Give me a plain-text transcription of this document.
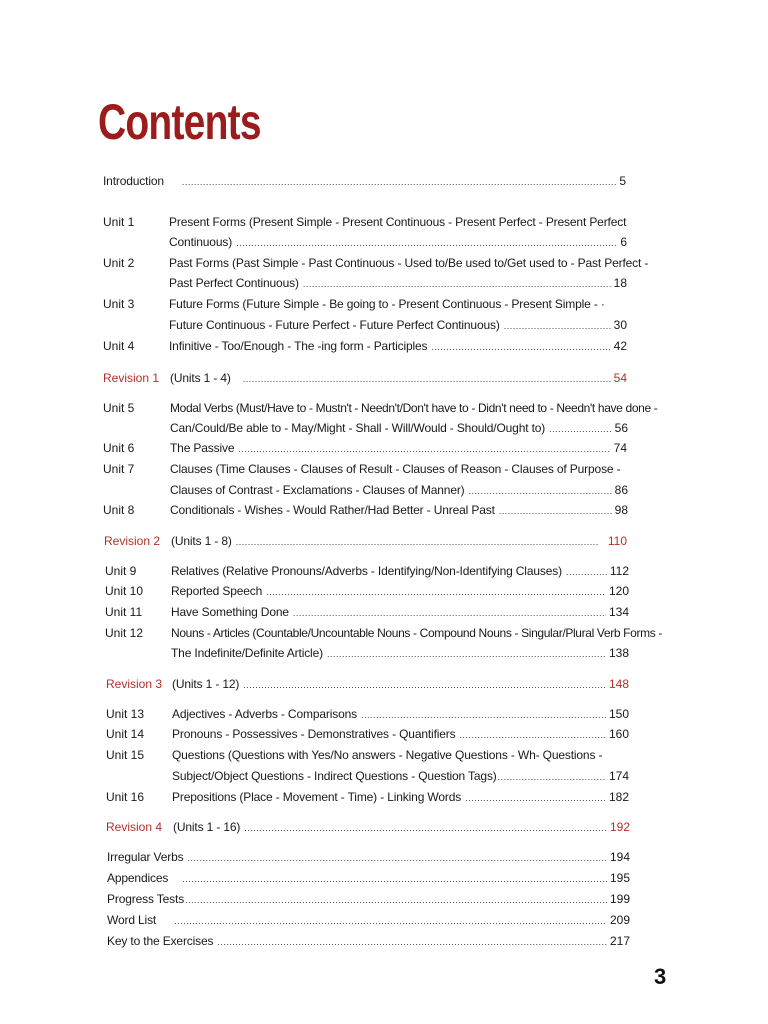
Contents
Introduction .....	5
Unit 1	Present Forms (Present Simple - Present Continuous - Present Perfect - Present Perfect
Continuous) .....	6
Unit 2	Past Forms (Past Simple - Past Continuous - Used to/Be used to/Get used to - Past Perfect -
Past Perfect Continuous) .....	18
Unit 3	Future Forms (Future Simple - Be going to - Present Continuous - Present Simple - ·
Future Continuous - Future Perfect - Future Perfect Continuous) .....	30
Unit 4	Infinitive - Too/Enough - The -ing form - Participles .....	42
Revision 1 (Units 1 - 4) .....	54
Unit 5	Modal Verbs (Must/Have to - Mustn't - Needn't/Don't have to - Didn't need to - Needn't have done -
Can/Could/Be able to - May/Might - Shall - Will/Would - Should/Ought to) .....	56
Unit 6	The Passive .....	74
Unit 7	Clauses (Time Clauses - Clauses of Result - Clauses of Reason - Clauses of Purpose -
Clauses of Contrast - Exclamations - Clauses of Manner) .....	86
Unit 8	Conditionals - Wishes - Would Rather/Had Better - Unreal Past .....	98
Revision 2 (Units 1 - 8) .....	110
Unit 9	Relatives (Relative Pronouns/Adverbs - Identifying/Non-Identifying Clauses) .....	112
Unit 10 Reported Speech .....	120
Unit 11 Have Something Done .....	134
Unit 12 Nouns - Articles (Countable/Uncountable Nouns - Compound Nouns - Singular/Plural Verb Forms -
The Indefinite/Definite Article) .....	138
Revision 3 (Units 1 - 12) .....	148
Unit 13 Adjectives - Adverbs - Comparisons .....	150
Unit 14 Pronouns - Possessives - Demonstratives - Quantifiers .....	160
Unit 15 Questions (Questions with Yes/No answers - Negative Questions - Wh- Questions -
Subject/Object Questions - Indirect Questions - Question Tags) .....	174
Unit 16 Prepositions (Place - Movement - Time) - Linking Words .....	182
Revision 4 (Units 1 - 16) .....	192
Irregular Verbs .....	194
Appendices .....	195
Progress Tests .....	199
Word List .....	209
Key to the Exercises .....	217
3
